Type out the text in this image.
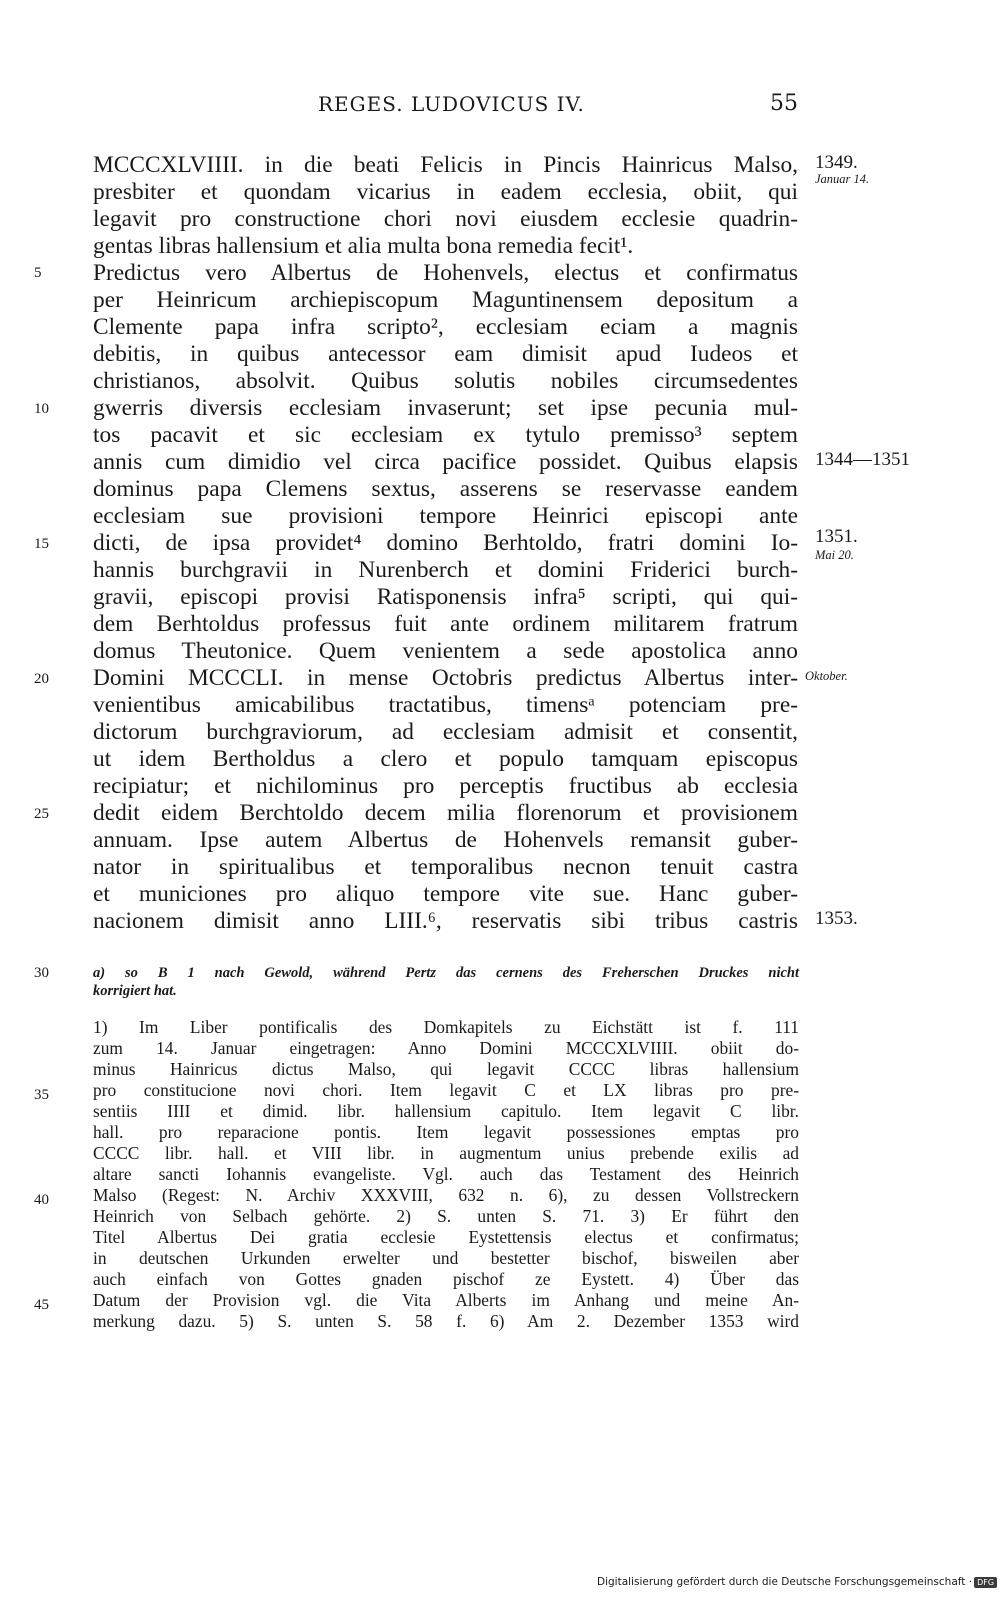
REGES. LUDOVICUS IV.	55
MCCCXLVIIII. in die beati Felicis in Pincis Hainricus Malso,
presbiter et quondam vicarius in eadem ecclesia, obiit, qui
legavit pro constructione chori novi eiusdem ecclesie quadrin-
gentas libras hallensium et alia multa bona remedia fecit¹.
Predictus vero Albertus de Hohenvels, electus et confirmatus
per Heinricum archiepiscopum Maguntinensem depositum a
Clemente papa infra scripto², ecclesiam eciam a magnis
debitis, in quibus antecessor eam dimisit apud Iudeos et
christianos, absolvit. Quibus solutis nobiles circumsedentes
gwerris diversis ecclesiam invaserunt; set ipse pecunia mul-
tos pacavit et sic ecclesiam ex tytulo premisso³ septem
annis cum dimidio vel circa pacifice possidet. Quibus elapsis
dominus papa Clemens sextus, asserens se reservasse eandem
ecclesiam sue provisioni tempore Heinrici episcopi ante
dicti, de ipsa providet⁴ domino Berhtoldo, fratri domini Io-
hannis burchgravii in Nurenberch et domini Friderici burch-
gravii, episcopi provisi Ratisponensis infra⁵ scripti, qui qui-
dem Berhtoldus professus fuit ante ordinem militarem fratrum
domus Theutonice. Quem venientem a sede apostolica anno
Domini MCCCLI. in mense Octobris predictus Albertus inter-
venientibus amicabilibus tractatibus, timensᵃ potenciam pre-
dictorum burchgraviorum, ad ecclesiam admisit et consentit,
ut idem Bertholdus a clero et populo tamquam episcopus
recipiatur; et nichilominus pro perceptis fructibus ab ecclesia
dedit eidem Berchtoldo decem milia florenorum et provisionem
annuam. Ipse autem Albertus de Hohenvels remansit guber-
nator in spiritualibus et temporalibus necnon tenuit castra
et municiones pro aliquo tempore vite sue. Hanc guber-
nacionem dimisit anno LIII.⁶, reservatis sibi tribus castris
5
10
15
20
25
30
35
40
45
1349.
Januar 14.
1344—1351
1351.
Mai 20.
Oktober.
1353.
a) so B 1 nach Gewold, während Pertz das cernens des Freherschen Druckes nicht
korrigiert hat.
1) Im Liber pontificalis des Domkapitels zu Eichstätt ist f. 111
zum 14. Januar eingetragen: Anno Domini MCCCXLVIIII. obiit do-
minus Hainricus dictus Malso, qui legavit CCCC libras hallensium
pro constitucione novi chori. Item legavit C et LX libras pro pre-
sentiis IIII et dimid. libr. hallensium capitulo. Item legavit C libr.
hall. pro reparacione pontis. Item legavit possessiones emptas pro
CCCC libr. hall. et VIII libr. in augmentum unius prebende exilis ad
altare sancti Iohannis evangeliste. Vgl. auch das Testament des Heinrich
Malso (Regest: N. Archiv XXXVIII, 632 n. 6), zu dessen Vollstreckern
Heinrich von Selbach gehörte. 2) S. unten S. 71. 3) Er führt den
Titel Albertus Dei gratia ecclesie Eystettensis electus et confirmatus;
in deutschen Urkunden erwelter und bestetter bischof, bisweilen aber
auch einfach von Gottes gnaden pischof ze Eystett. 4) Über das
Datum der Provision vgl. die Vita Alberts im Anhang und meine An-
merkung dazu. 5) S. unten S. 58 f. 6) Am 2. Dezember 1353 wird
Digitalisierung gefördert durch die Deutsche Forschungsgemeinschaft · DFG
